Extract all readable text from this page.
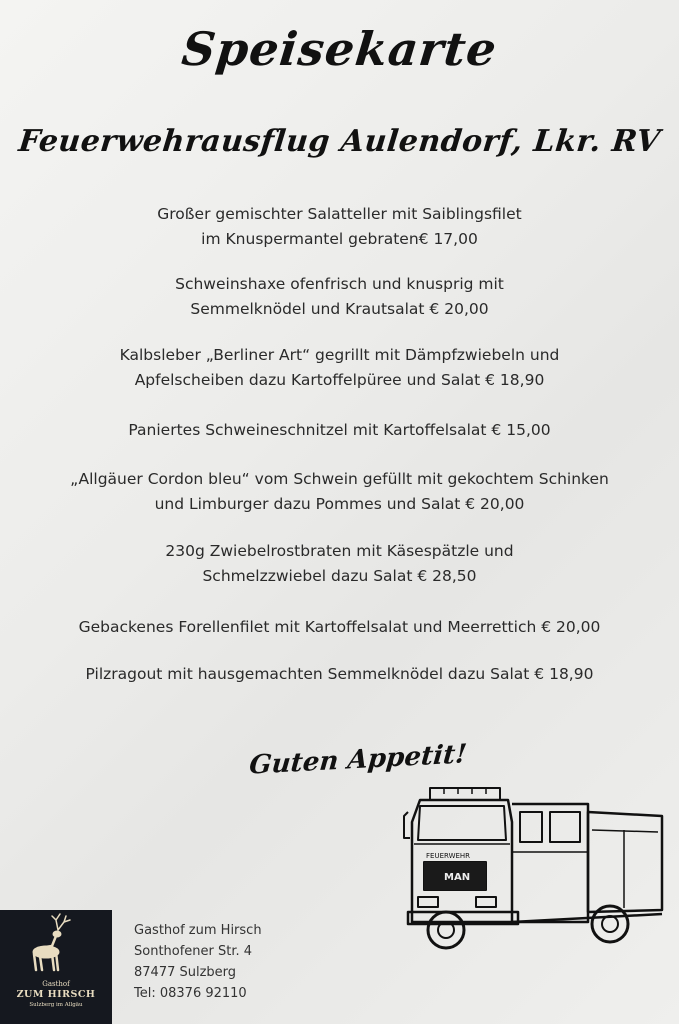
Speisekarte
Feuerwehrausflug Aulendorf, Lkr. RV
Großer gemischter Salatteller mit Saiblingsfilet
im Knuspermantel gebraten€ 17,00
Schweinshaxe ofenfrisch und knusprig mit
Semmelknödel und Krautsalat € 20,00
Kalbsleber „Berliner Art“ gegrillt mit Dämpfzwiebeln und
Apfelscheiben dazu Kartoffelpüree und Salat € 18,90
Paniertes Schweineschnitzel mit Kartoffelsalat € 15,00
„Allgäuer Cordon bleu“ vom Schwein gefüllt mit gekochtem Schinken
und Limburger dazu Pommes und Salat € 20,00
230g Zwiebelrostbraten mit Käsespätzle und
Schmelzzwiebel dazu Salat € 28,50
Gebackenes Forellenfilet mit Kartoffelsalat und Meerrettich € 20,00
Pilzragout mit hausgemachten Semmelknödel dazu Salat € 18,90
Guten Appetit!
FEUERWEHR
MAN
Gasthof
ZUM HIRSCH
Sulzberg im Allgäu
Gasthof zum Hirsch
Sonthofener Str. 4
87477 Sulzberg
Tel: 08376 92110
